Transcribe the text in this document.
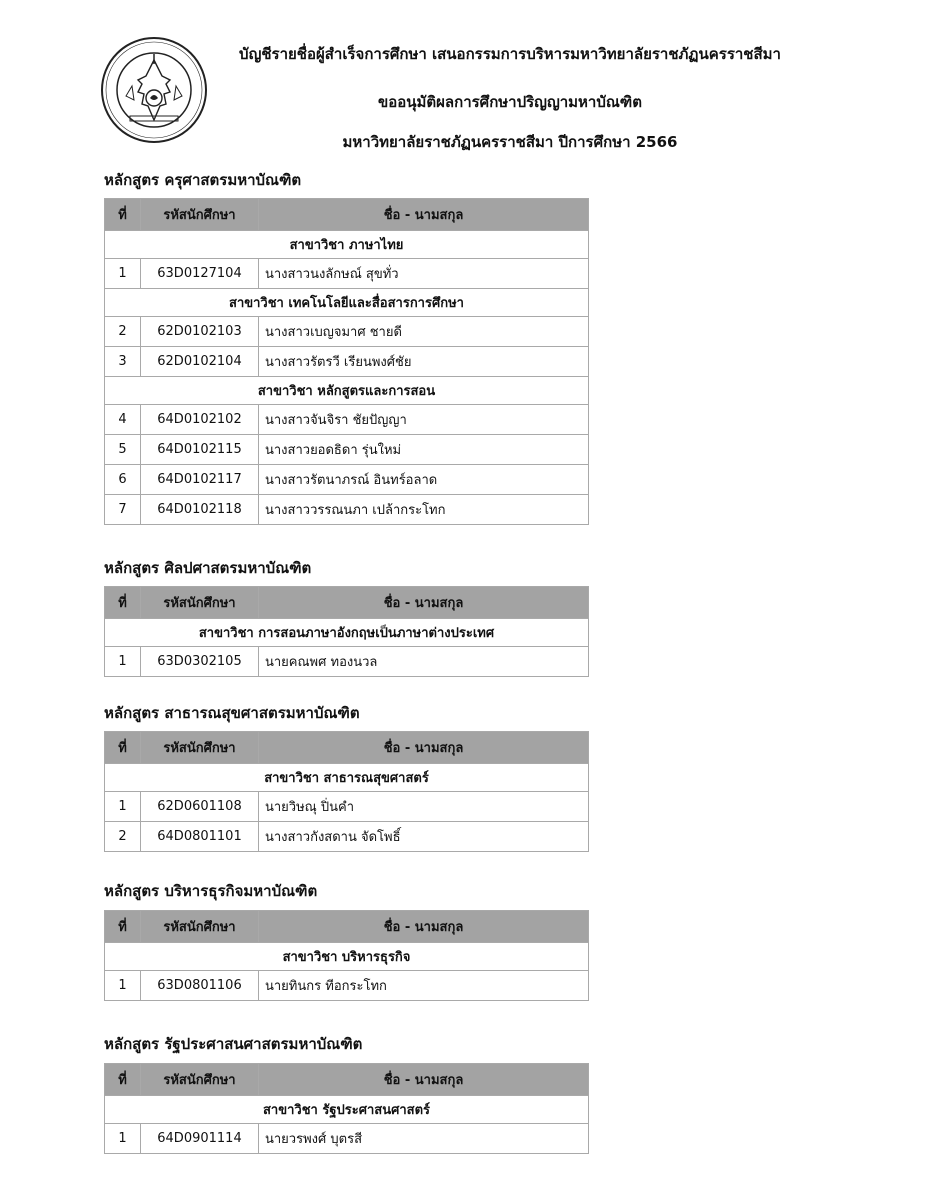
บัญชีรายชื่อผู้สำเร็จการศึกษา เสนอกรรมการบริหารมหาวิทยาลัยราชภัฏนครราชสีมา
ขออนุมัติผลการศึกษาปริญญามหาบัณฑิต
มหาวิทยาลัยราชภัฏนครราชสีมา ปีการศึกษา 2566
หลักสูตร ครุศาสตรมหาบัณฑิต
ที่	รหัสนักศึกษา	ชื่อ - นามสกุล
สาขาวิชา ภาษาไทย		
1	63D0127104	นางสาวนงลักษณ์ สุขทั่ว
สาขาวิชา เทคโนโลยีและสื่อสารการศึกษา		
2	62D0102103	นางสาวเบญจมาศ ชายดี
3	62D0102104	นางสาวรัตรวี เรียนพงศ์ชัย
สาขาวิชา หลักสูตรและการสอน		
4	64D0102102	นางสาวจันจิรา ชัยปัญญา
5	64D0102115	นางสาวยอดธิดา รุ่นใหม่
6	64D0102117	นางสาวรัตนาภรณ์ อินทร์อลาด
7	64D0102118	นางสาววรรณนภา เปล้ากระโทก
หลักสูตร ศิลปศาสตรมหาบัณฑิต
ที่	รหัสนักศึกษา	ชื่อ - นามสกุล
สาขาวิชา การสอนภาษาอังกฤษเป็นภาษาต่างประเทศ		
1	63D0302105	นายคณพศ ทองนวล
หลักสูตร สาธารณสุขศาสตรมหาบัณฑิต
ที่	รหัสนักศึกษา	ชื่อ - นามสกุล
สาขาวิชา สาธารณสุขศาสตร์		
1	62D0601108	นายวิษณุ ปิ่นคำ
2	64D0801101	นางสาวกังสดาน จัดโพธิ์
หลักสูตร บริหารธุรกิจมหาบัณฑิต
ที่	รหัสนักศึกษา	ชื่อ - นามสกุล
สาขาวิชา บริหารธุรกิจ		
1	63D0801106	นายทินกร ทีอกระโทก
หลักสูตร รัฐประศาสนศาสตรมหาบัณฑิต
ที่	รหัสนักศึกษา	ชื่อ - นามสกุล
สาขาวิชา รัฐประศาสนศาสตร์		
1	64D0901114	นายวรพงศ์ บุตรสี
